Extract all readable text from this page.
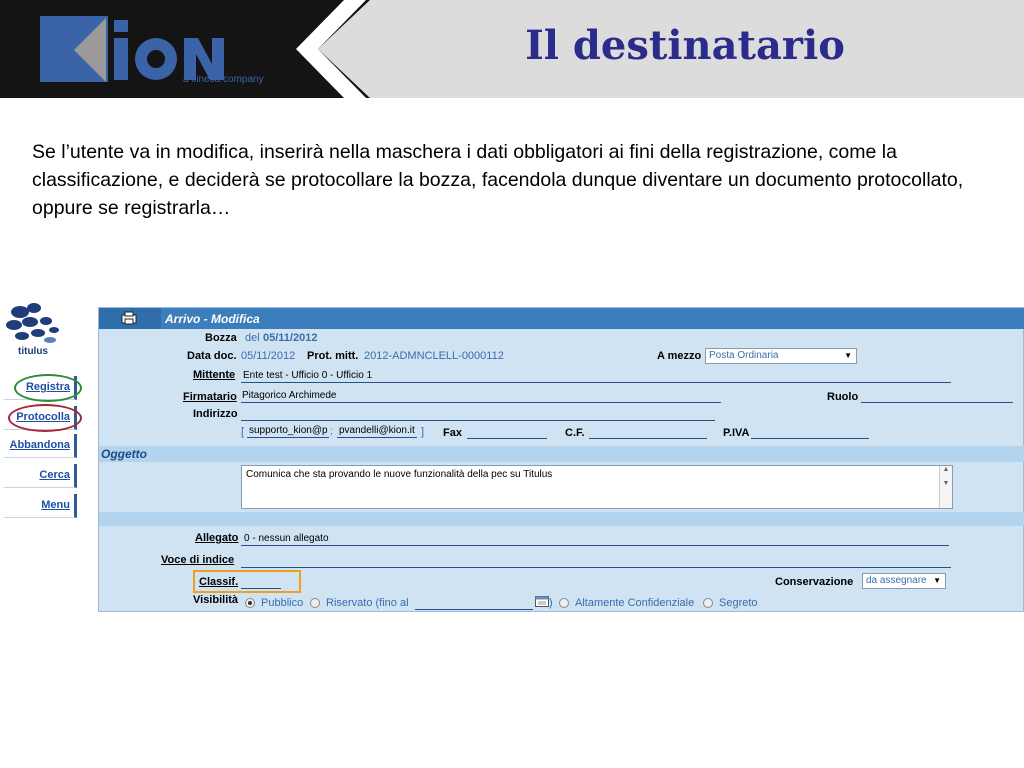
a cineca company
Il destinatario
Se l’utente va in modifica, inserirà nella maschera i dati obbligatori ai fini della registrazione, come la classificazione, e deciderà se protocollare la bozza, facendola dunque diventare un documento protocollato, oppure se registrarla…
titulus
Registra
Protocolla
Abbandona
Cerca
Menu
Arrivo - Modifica
Bozza del 05/11/2012
Data doc. 05/11/2012 Prot. mitt. 2012-ADMNCLELL-0000112	A mezzo Posta Ordinaria	▼
Mittente Ente test - Ufficio 0 - Ufficio 1
Firmatario Pitagorico Archimede	Ruolo
Indirizzo
[ supporto_kion@p ; pvandelli@kion.it ] Fax	C.F.	P.IVA
Oggetto
Comunica che sta provando le nuove funzionalità della pec su Titulus	▲

▼
Allegato 0 - nessun allegato
Voce di indice
Classif.	Conservazione	da assegnare ▼
Visibilità Pubblico Riservato (fino al	) Altamente Confidenziale Segreto
